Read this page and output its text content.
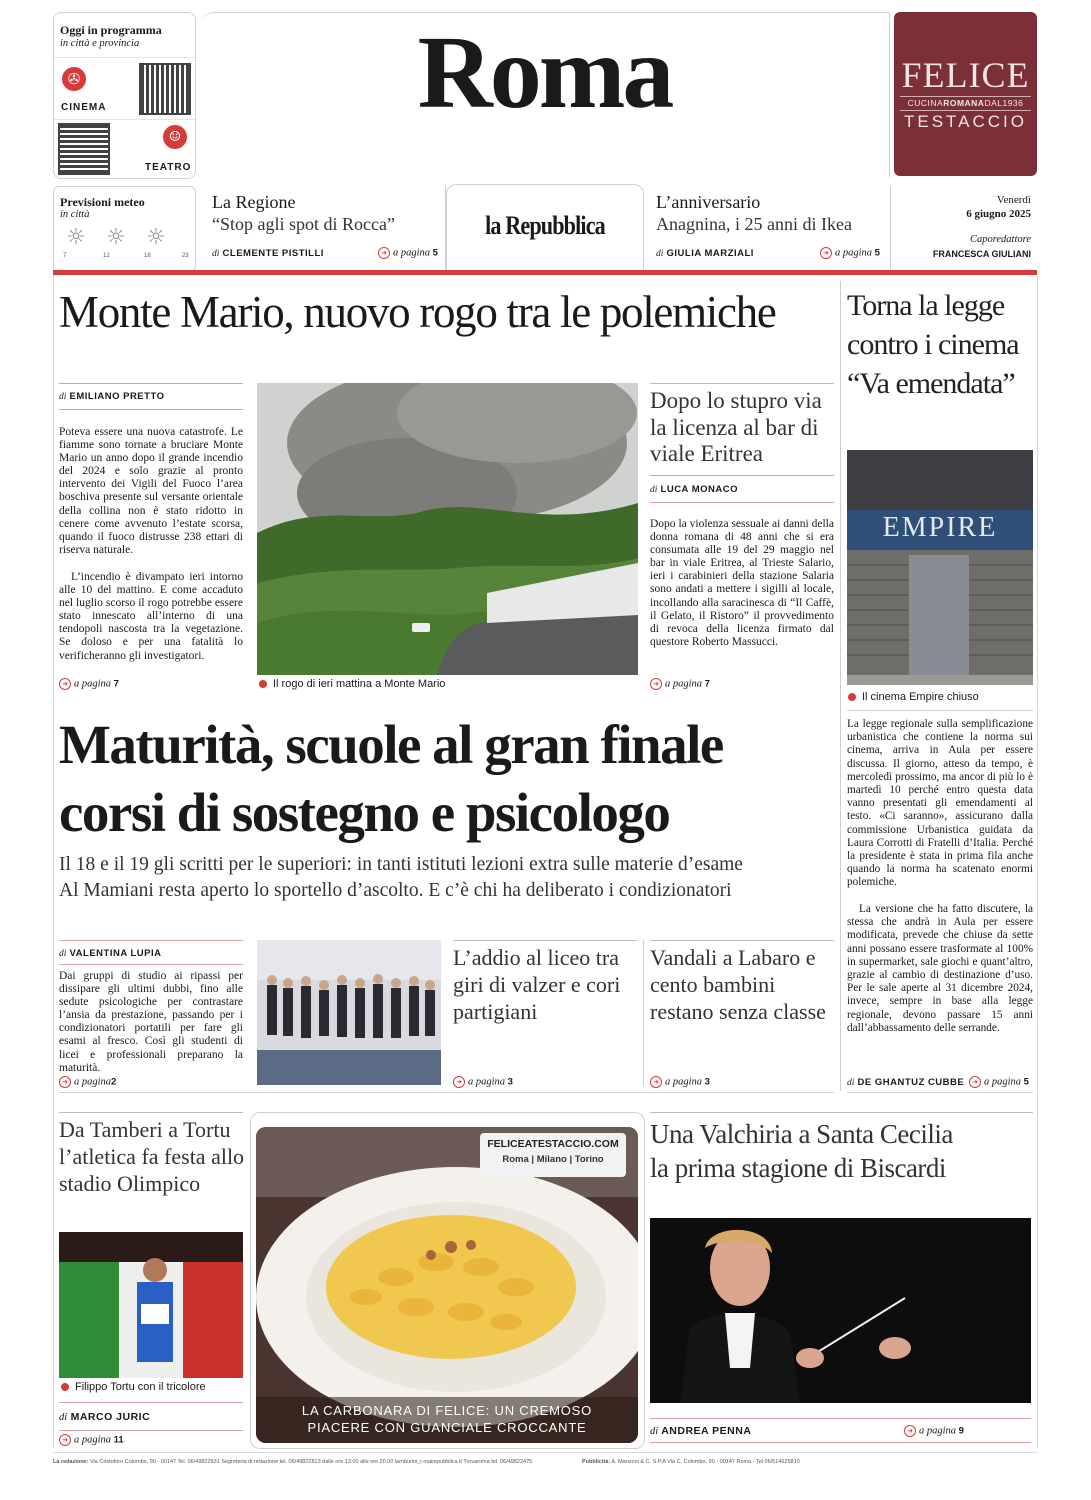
Oggi in programma
in città e provincia
✇
CINEMA
☺
TEATRO
Roma	FELICE
CUCINAROMANADAL1936
TESTACCIO
Previsioni meteo
in città
☼ ☼ ☼
7	12	18	23
La Regione
“Stop agli spot di Rocca”
di CLEMENTE PISTILLI	➜ a pagina 5
la Repubblica
L’anniversario
Anagnina, i 25 anni di Ikea
di GIULIA MARZIALI	➜ a pagina 5
Venerdì
6 giugno 2025
Caporedattore
FRANCESCA GIULIANI
Monte Mario, nuovo rogo tra le polemiche
di EMILIANO PRETTO
Poteva essere una nuova catastrofe. Le fiamme sono tornate a bruciare Monte Mario un anno dopo il grande incendio del 2024 e solo grazie al pronto intervento dei Vigili del Fuoco l’area boschiva presente sul versante orientale della collina non è stato ridotto in cenere come avvenuto l’estate scorsa, quando il fuoco distrusse 238 ettari di riserva naturale.
L’incendio è divampato ieri intorno alle 10 del mattino. E come accaduto nel luglio scorso il rogo potrebbe essere stato innescato all’interno di una tendopoli nascosta tra la vegetazione. Se doloso e per una fatalità lo verificheranno gli investigatori.
➜ a pagina 7	Il rogo di ieri mattina a Monte Mario
Dopo lo stupro via la licenza al bar di viale Eritrea
di LUCA MONACO
Dopo la violenza sessuale ai danni della donna romana di 48 anni che si era consumata alle 19 del 29 maggio nel bar in viale Eritrea, al Trieste Salario, ieri i carabinieri della stazione Salaria sono andati a mettere i sigilli al locale, incollando alla saracinesca di “Il Caffè, il Gelato, il Ristoro” il provvedimento di revoca della licenza firmato dal questore Roberto Massucci.
➜ a pagina 7
Torna la legge contro i cinema “Va emendata”
EMPIRE
Il cinema Empire chiuso
La legge regionale sulla semplificazione urbanistica che contiene la norma sui cinema, arriva in Aula per essere discussa. Il giorno, atteso da tempo, è mercoledì prossimo, ma ancor di più lo è martedì 10 perché entro questa data vanno presentati gli emendamenti al testo. «Ci saranno», assicurano dalla commissione Urbanistica guidata da Laura Corrotti di Fratelli d’Italia. Perché la presidente è stata in prima fila anche quando la norma ha scatenato enormi polemiche.
La versione che ha fatto discutere, la stessa che andrà in Aula per essere modificata, prevede che chiuse da sette anni possano essere trasformate al 100% in supermarket, sale giochi e quant’altro, grazie al cambio di destinazione d’uso. Per le sale aperte al 31 dicembre 2024, invece, sempre in base alla legge regionale, devono passare 15 anni dall’abbassamento delle serrande.
di DE GHANTUZ CUBBE	➜ a pagina 5
Maturità, scuole al gran finale
corsi di sostegno e psicologo
Il 18 e il 19 gli scritti per le superiori: in tanti istituti lezioni extra sulle materie d’esame
Al Mamiani resta aperto lo sportello d’ascolto. E c’è chi ha deliberato i condizionatori
di VALENTINA LUPIA
Dai gruppi di studio ai ripassi per dissipare gli ultimi dubbi, fino alle sedute psicologiche per contrastare l’ansia da prestazione, passando per i condizionatori portatili per fare gli esami al fresco. Così gli studenti di licei e professionali preparano la maturità.
➜ a pagina2
L’addio al liceo tra giri di valzer e cori partigiani
➜ a pagina 3
Vandali a Labaro e cento bambini restano senza classe
➜ a pagina 3
Da Tamberi a Tortu l’atletica fa festa allo stadio Olimpico
Filippo Tortu con il tricolore
di MARCO JURIC
➜ a pagina 11
FELICEATESTACCIO.COM
Roma | Milano | Torino
LA CARBONARA DI FELICE: UN CREMOSO
PIACERE CON GUANCIALE CROCCANTE
Una Valchiria a Santa Cecilia
la prima stagione di Biscardi
di ANDREA PENNA	➜ a pagina 9
La redazione: Via Cristoforo Colombo, 90 - 00147 Tel. 06/49822931 Segreteria di redazione tel. 06/49822813 dalle ore 13.00 alle ore 20.00 lamburini_r.mairepubblica.it Trovaroma tel. 06/49822475	Pubblicità: A. Manzoni & C. S.P.A Via C. Colombo, 90 - 00147 Roma - Tel 06/514625810
